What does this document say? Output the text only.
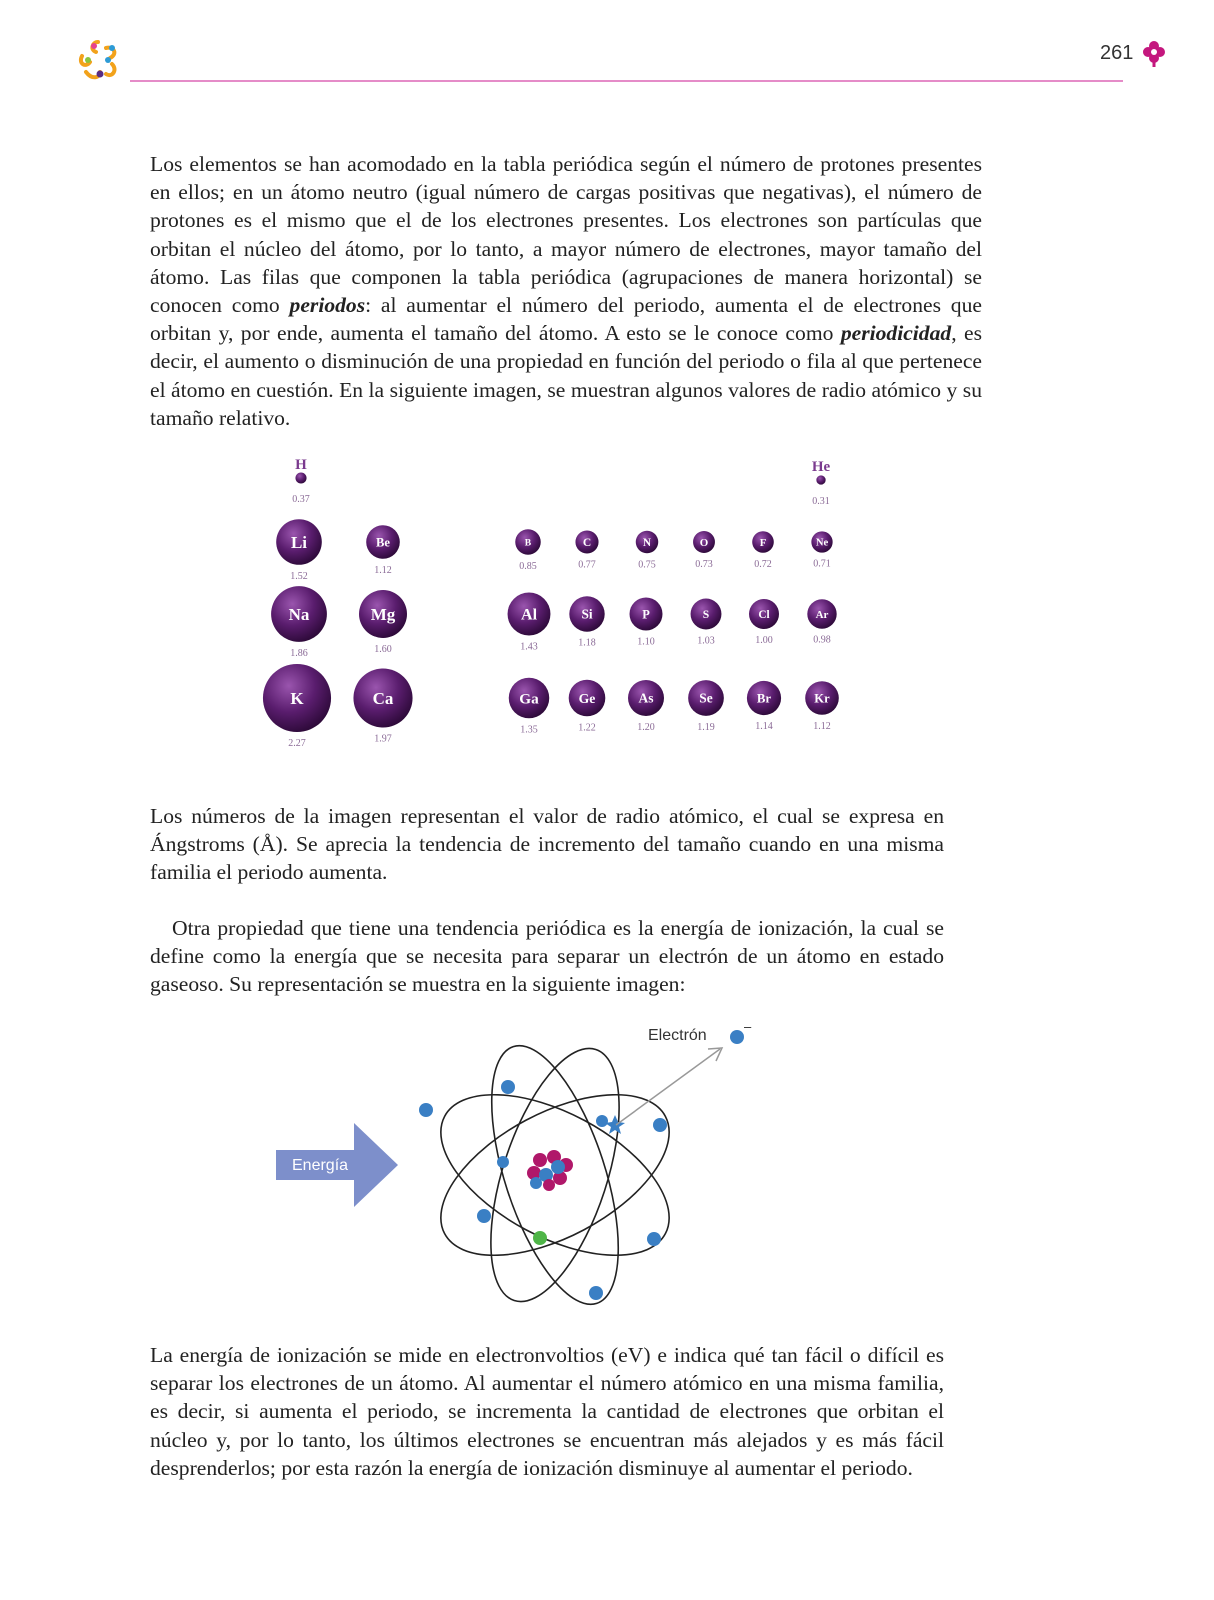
261

Los elementos se han acomodado en la tabla periódica según el número de protones presentes en ellos; en un átomo neutro (igual número de cargas positivas que negativas), el número de protones es el mismo que el de los electrones presentes. Los electrones son partículas que orbitan el núcleo del átomo, por lo tanto, a mayor número de electrones, mayor tamaño del átomo. Las filas que componen la tabla periódica (agrupaciones de manera horizontal) se conocen como periodos: al aumentar el número del periodo, aumenta el de electrones que orbitan y, por ende, aumenta el tamaño del átomo. A esto se le conoce como periodicidad, es decir, el aumento o disminución de una propiedad en función del periodo o fila al que pertenece el átomo en cuestión. En la siguiente imagen, se muestran algunos valores de radio atómico y su tamaño relativo.

H
0.37
He
0.31
Li
1.52
Be
1.12
B
0.85
C
0.77
N
0.75
O
0.73
F
0.72
Ne
0.71
Na
1.86
Mg
1.60
Al
1.43
Si
1.18
P
1.10
S
1.03
Cl
1.00
Ar
0.98
K
2.27
Ca
1.97
Ga
1.35
Ge
1.22
As
1.20
Se
1.19
Br
1.14
Kr
1.12

Los números de la imagen representan el valor de radio atómico, el cual se expresa en Ángstroms (Å). Se aprecia la tendencia de incremento del tamaño cuando en una misma familia el periodo aumenta.

Otra propiedad que tiene una tendencia periódica es la energía de ionización, la cual se define como la energía que se necesita para separar un electrón de un átomo en estado gaseoso. Su representación se muestra en la siguiente imagen:

Energía
Electrón
–

La energía de ionización se mide en electronvoltios (eV) e indica qué tan fácil o difícil es separar los electrones de un átomo. Al aumentar el número atómico en una misma familia, es decir, si aumenta el periodo, se incrementa la cantidad de electrones que orbitan el núcleo y, por lo tanto, los últimos electrones se encuentran más alejados y es más fácil desprenderlos; por esta razón la energía de ionización disminuye al aumentar el periodo.
